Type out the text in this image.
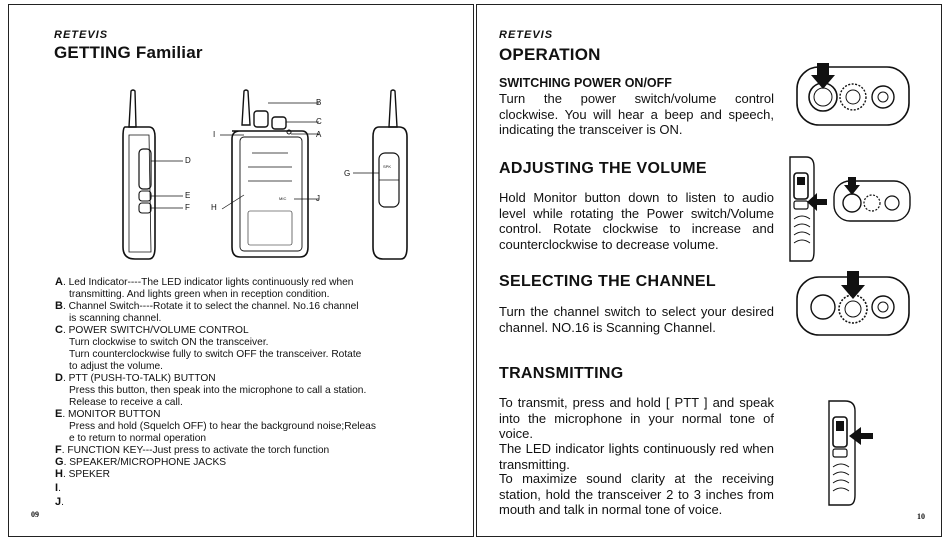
RETEVIS
GETTING Familiar
D
E
F
B
C
A
I
H
J
MIC
G
SPK
A. Led Indicator----The LED indicator lights continuously red when
transmitting. And lights green when in reception condition.
B. Channel Switch----Rotate it to select the channel. No.16 channel
is scanning channel.
C. POWER SWITCH/VOLUME CONTROL
Turn clockwise to switch ON the transceiver.
Turn counterclockwise fully to switch OFF the transceiver. Rotate
to adjust the volume.
D. PTT (PUSH-TO-TALK) BUTTON
Press this button, then speak into the microphone to call a station.
Release to receive a call.
E. MONITOR BUTTON
Press and hold (Squelch OFF) to hear the background noise;Releas
e to return to normal operation
F. FUNCTION KEY---Just press to activate the torch function
G. SPEAKER/MICROPHONE JACKS
H. SPEKER
I.
J.
09
RETEVIS
OPERATION
SWITCHING POWER ON/OFF
Turn the power switch/volume control clockwise. You will hear a beep and speech, indicating the transceiver is ON.
ADJUSTING THE VOLUME
Hold Monitor button down to listen to audio level while rotating the Power switch/Volume control. Rotate clockwise to increase and counterclockwise to decrease volume.
SELECTING THE CHANNEL
Turn the channel switch to select your desired channel. NO.16 is Scanning Channel.
TRANSMITTING
To transmit, press and hold [ PTT ] and speak into the microphone in your normal tone of voice.
The LED indicator lights continuously red when transmitting.
To maximize sound clarity at the receiving station, hold the transceiver 2 to 3 inches from mouth and talk in normal tone of voice.	10
